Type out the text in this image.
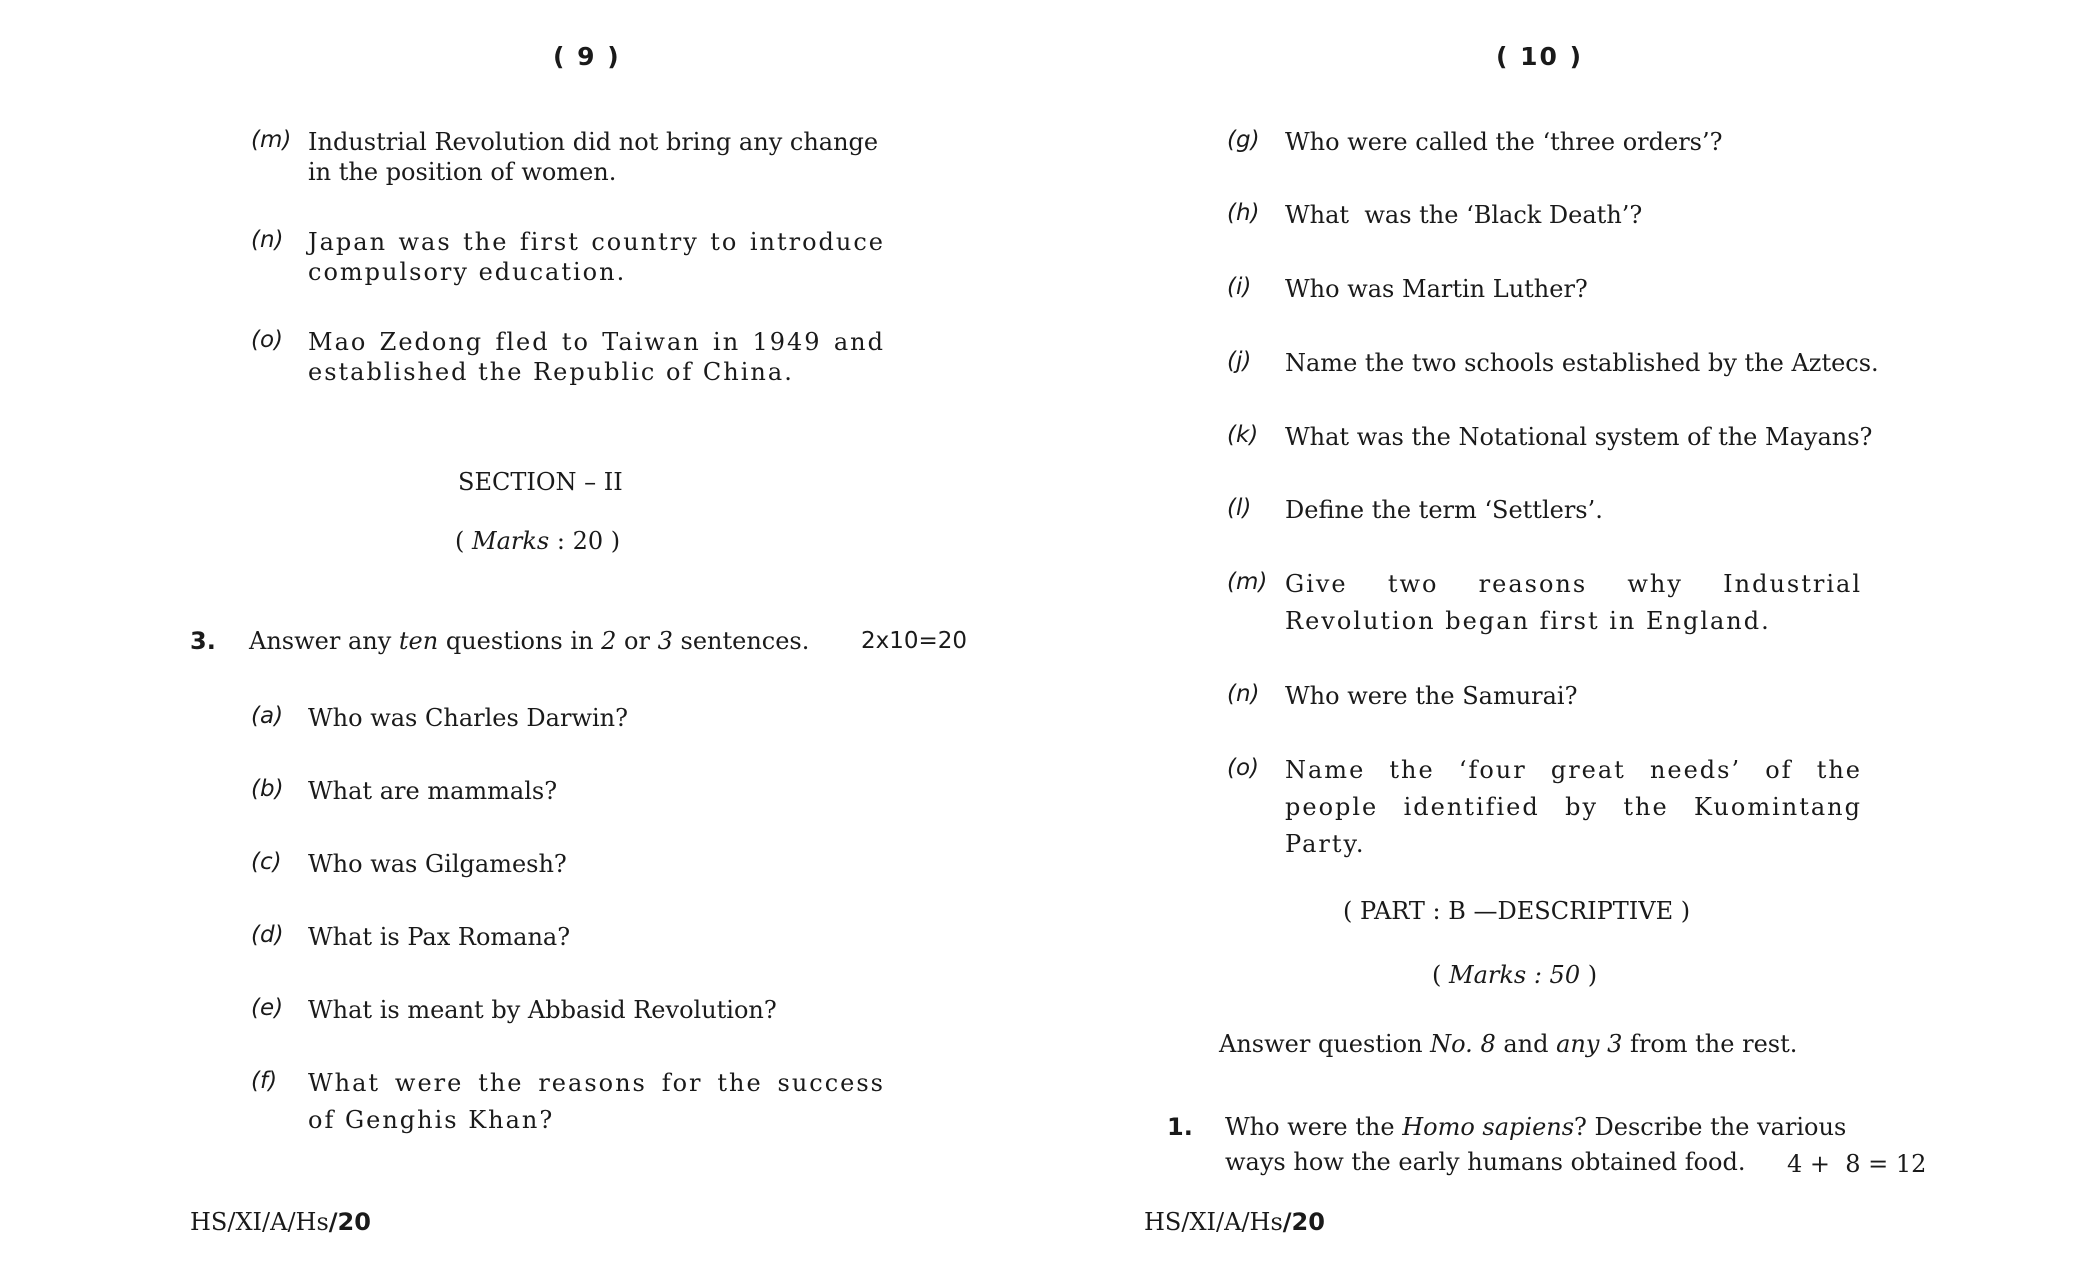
( 9 )
(m) Industrial Revolution did not bring any change in the position of women.
(n) Japan was the first country to introduce compulsory education.
(o) Mao Zedong fled to Taiwan in 1949 and established the Republic of China.
SECTION – II
( Marks : 20 )
3. Answer any ten questions in 2 or 3 sentences. 2x10=20
(a) Who was Charles Darwin?
(b) What are mammals?
(c) Who was Gilgamesh?
(d) What is Pax Romana?
(e) What is meant by Abbasid Revolution?
(f) What were the reasons for the success of Genghis Khan?
HS/XI/A/Hs/20
( 10 )
(g) Who were called the ‘three orders’?
(h) What  was the ‘Black Death’?
(i) Who was Martin Luther?
(j) Name the two schools established by the Aztecs.
(k) What was the Notational system of the Mayans?
(l) Define the term ‘Settlers’.
(m) Give two reasons why Industrial Revolution began first in England.
(n) Who were the Samurai?
(o) Name the ‘four great needs’ of the people identified by the Kuomintang Party.
( PART : B —DESCRIPTIVE )
( Marks : 50 )
Answer question No. 8 and any 3 from the rest.
1. Who were the Homo sapiens? Describe the various
ways how the early humans obtained food. 4 +  8 = 12
HS/XI/A/Hs/20
